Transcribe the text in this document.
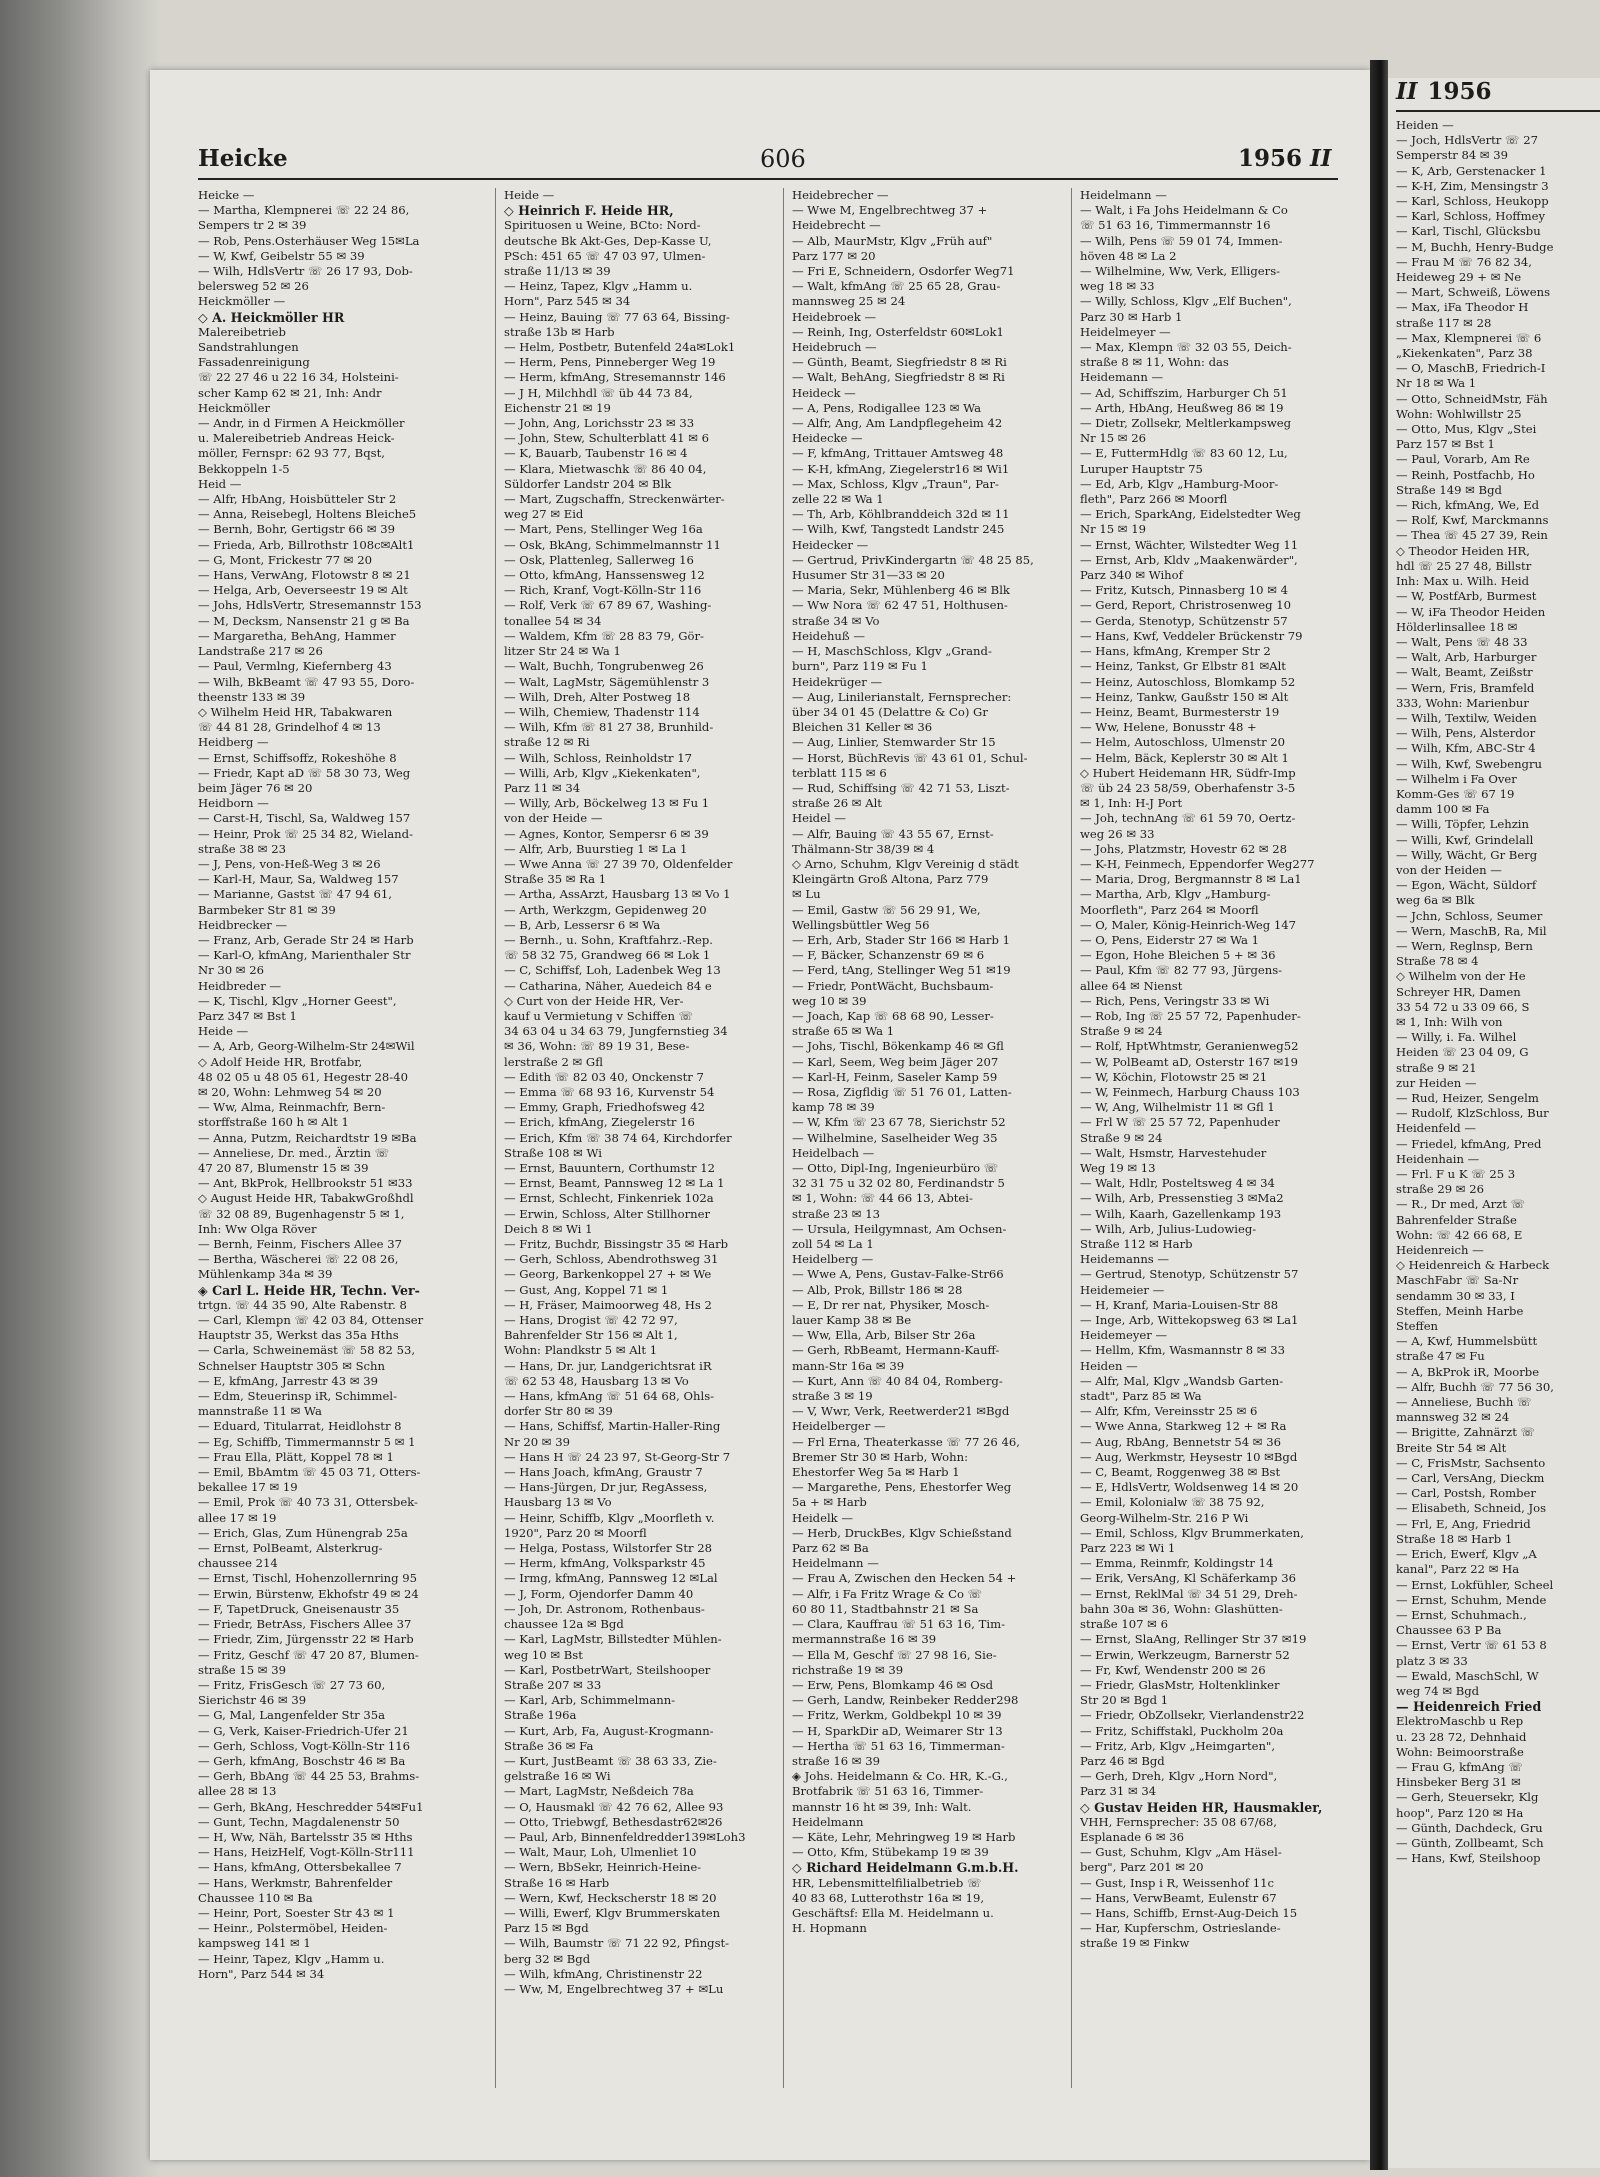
Heicke	606	1956 II
Heicke —
— Martha, Klempnerei ☏ 22 24 86,
Sempers tr 2 ✉ 39
— Rob, Pens.Osterhäuser Weg 15✉La
— W, Kwf, Geibelstr 55 ✉ 39
— Wilh, HdlsVertr ☏ 26 17 93, Dob-
belersweg 52 ✉ 26
Heickmöller —
◇ A. Heickmöller HR
Malereibetrieb
Sandstrahlungen
Fassadenreinigung
☏ 22 27 46 u 22 16 34, Holsteini-
scher Kamp 62 ✉ 21, Inh: Andr
Heickmöller
— Andr, in d Firmen A Heickmöller
u. Malereibetrieb Andreas Heick-
möller, Fernspr: 62 93 77, Bqst,
Bekkoppeln 1-5
Heid —
— Alfr, HbAng, Hoisbütteler Str 2
— Anna, Reisebegl, Holtens Bleiche5
— Bernh, Bohr, Gertigstr 66 ✉ 39
— Frieda, Arb, Billrothstr 108c✉Alt1
— G, Mont, Frickestr 77 ✉ 20
— Hans, VerwAng, Flotowstr 8 ✉ 21
— Helga, Arb, Oeverseestr 19 ✉ Alt
— Johs, HdlsVertr, Stresemannstr 153
— M, Decksm, Nansenstr 21 g ✉ Ba
— Margaretha, BehAng, Hammer
Landstraße 217 ✉ 26
— Paul, Vermlng, Kiefernberg 43
— Wilh, BkBeamt ☏ 47 93 55, Doro-
theenstr 133 ✉ 39
◇ Wilhelm Heid HR, Tabakwaren
☏ 44 81 28, Grindelhof 4 ✉ 13
Heidberg —
— Ernst, Schiffsoffz, Rokeshöhe 8
— Friedr, Kapt aD ☏ 58 30 73, Weg
beim Jäger 76 ✉ 20
Heidborn —
— Carst-H, Tischl, Sa, Waldweg 157
— Heinr, Prok ☏ 25 34 82, Wieland-
straße 38 ✉ 23
— J, Pens, von-Heß-Weg 3 ✉ 26
— Karl-H, Maur, Sa, Waldweg 157
— Marianne, Gastst ☏ 47 94 61,
Barmbeker Str 81 ✉ 39
Heidbrecker —
— Franz, Arb, Gerade Str 24 ✉ Harb
— Karl-O, kfmAng, Marienthaler Str
Nr 30 ✉ 26
Heidbreder —
— K, Tischl, Klgv „Horner Geest",
Parz 347 ✉ Bst 1
Heide —
— A, Arb, Georg-Wilhelm-Str 24✉Wil
◇ Adolf Heide HR, Brotfabr,
48 02 05 u 48 05 61, Hegestr 28-40
✉ 20, Wohn: Lehmweg 54 ✉ 20
— Ww, Alma, Reinmachfr, Bern-
storffstraße 160 h ✉ Alt 1
— Anna, Putzm, Reichardtstr 19 ✉Ba
— Anneliese, Dr. med., Ärztin ☏
47 20 87, Blumenstr 15 ✉ 39
— Ant, BkProk, Hellbrookstr 51 ✉33
◇ August Heide HR, TabakwGroßhdl
☏ 32 08 89, Bugenhagenstr 5 ✉ 1,
Inh: Ww Olga Röver
— Bernh, Feinm, Fischers Allee 37
— Bertha, Wäscherei ☏ 22 08 26,
Mühlenkamp 34a ✉ 39
◈ Carl L. Heide HR, Techn. Ver-
trtgn. ☏ 44 35 90, Alte Rabenstr. 8
— Carl, Klempn ☏ 42 03 84, Ottenser
Hauptstr 35, Werkst das 35a Hths
— Carla, Schweinemäst ☏ 58 82 53,
Schnelser Hauptstr 305 ✉ Schn
— E, kfmAng, Jarrestr 43 ✉ 39
— Edm, Steuerinsp iR, Schimmel-
mannstraße 11 ✉ Wa
— Eduard, Titularrat, Heidlohstr 8
— Eg, Schiffb, Timmermannstr 5 ✉ 1
— Frau Ella, Plätt, Koppel 78 ✉ 1
— Emil, BbAmtm ☏ 45 03 71, Otters-
bekallee 17 ✉ 19
— Emil, Prok ☏ 40 73 31, Ottersbek-
allee 17 ✉ 19
— Erich, Glas, Zum Hünengrab 25a
— Ernst, PolBeamt, Alsterkrug-
chaussee 214
— Ernst, Tischl, Hohenzollernring 95
— Erwin, Bürstenw, Ekhofstr 49 ✉ 24
— F, TapetDruck, Gneisenaustr 35
— Friedr, BetrAss, Fischers Allee 37
— Friedr, Zim, Jürgensstr 22 ✉ Harb
— Fritz, Geschf ☏ 47 20 87, Blumen-
straße 15 ✉ 39
— Fritz, FrisGesch ☏ 27 73 60,
Sierichstr 46 ✉ 39
— G, Mal, Langenfelder Str 35a
— G, Verk, Kaiser-Friedrich-Ufer 21
— Gerh, Schloss, Vogt-Kölln-Str 116
— Gerh, kfmAng, Boschstr 46 ✉ Ba
— Gerh, BbAng ☏ 44 25 53, Brahms-
allee 28 ✉ 13
— Gerh, BkAng, Heschredder 54✉Fu1
— Gunt, Techn, Magdalenenstr 50
— H, Ww, Näh, Bartelsstr 35 ✉ Hths
— Hans, HeizHelf, Vogt-Kölln-Str111
— Hans, kfmAng, Ottersbekallee 7
— Hans, Werkmstr, Bahrenfelder
Chaussee 110 ✉ Ba
— Heinr, Port, Soester Str 43 ✉ 1
— Heinr., Polstermöbel, Heiden-
kampsweg 141 ✉ 1
— Heinr, Tapez, Klgv „Hamm u.
Horn", Parz 544 ✉ 34
Heide —
◇ Heinrich F. Heide HR,
Spirituosen u Weine, BCto: Nord-
deutsche Bk Akt-Ges, Dep-Kasse U,
PSch: 451 65 ☏ 47 03 97, Ulmen-
straße 11/13 ✉ 39
— Heinz, Tapez, Klgv „Hamm u.
Horn", Parz 545 ✉ 34
— Heinz, Bauing ☏ 77 63 64, Bissing-
straße 13b ✉ Harb
— Helm, Postbetr, Butenfeld 24a✉Lok1
— Herm, Pens, Pinneberger Weg 19
— Herm, kfmAng, Stresemannstr 146
— J H, Milchhdl ☏ üb 44 73 84,
Eichenstr 21 ✉ 19
— John, Ang, Lorichsstr 23 ✉ 33
— John, Stew, Schulterblatt 41 ✉ 6
— K, Bauarb, Taubenstr 16 ✉ 4
— Klara, Mietwaschk ☏ 86 40 04,
Süldorfer Landstr 204 ✉ Blk
— Mart, Zugschaffn, Streckenwärter-
weg 27 ✉ Eid
— Mart, Pens, Stellinger Weg 16a
— Osk, BkAng, Schimmelmannstr 11
— Osk, Plattenleg, Sallerweg 16
— Otto, kfmAng, Hanssensweg 12
— Rich, Kranf, Vogt-Kölln-Str 116
— Rolf, Verk ☏ 67 89 67, Washing-
tonallee 54 ✉ 34
— Waldem, Kfm ☏ 28 83 79, Gör-
litzer Str 24 ✉ Wa 1
— Walt, Buchh, Tongrubenweg 26
— Walt, LagMstr, Sägemühlenstr 3
— Wilh, Dreh, Alter Postweg 18
— Wilh, Chemiew, Thadenstr 114
— Wilh, Kfm ☏ 81 27 38, Brunhild-
straße 12 ✉ Ri
— Wilh, Schloss, Reinholdstr 17
— Willi, Arb, Klgv „Kiekenkaten",
Parz 11 ✉ 34
— Willy, Arb, Böckelweg 13 ✉ Fu 1
von der Heide —
— Agnes, Kontor, Sempersr 6 ✉ 39
— Alfr, Arb, Buurstieg 1 ✉ La 1
— Wwe Anna ☏ 27 39 70, Oldenfelder
Straße 35 ✉ Ra 1
— Artha, AssArzt, Hausbarg 13 ✉ Vo 1
— Arth, Werkzgm, Gepidenweg 20
— B, Arb, Lessersr 6 ✉ Wa
— Bernh., u. Sohn, Kraftfahrz.-Rep.
☏ 58 32 75, Grandweg 66 ✉ Lok 1
— C, Schiffsf, Loh, Ladenbek Weg 13
— Catharina, Näher, Auedeich 84 e
◇ Curt von der Heide HR, Ver-
kauf u Vermietung v Schiffen ☏
34 63 04 u 34 63 79, Jungfernstieg 34
✉ 36, Wohn: ☏ 89 19 31, Bese-
lerstraße 2 ✉ Gfl
— Edith ☏ 82 03 40, Onckenstr 7
— Emma ☏ 68 93 16, Kurvenstr 54
— Emmy, Graph, Friedhofsweg 42
— Erich, kfmAng, Ziegelerstr 16
— Erich, Kfm ☏ 38 74 64, Kirchdorfer
Straße 108 ✉ Wi
— Ernst, Bauuntern, Corthumstr 12
— Ernst, Beamt, Pannsweg 12 ✉ La 1
— Ernst, Schlecht, Finkenriek 102a
— Erwin, Schloss, Alter Stillhorner
Deich 8 ✉ Wi 1
— Fritz, Buchdr, Bissingstr 35 ✉ Harb
— Gerh, Schloss, Abendrothsweg 31
— Georg, Barkenkoppel 27 + ✉ We
— Gust, Ang, Koppel 71 ✉ 1
— H, Fräser, Maimoorweg 48, Hs 2
— Hans, Drogist ☏ 42 72 97,
Bahrenfelder Str 156 ✉ Alt 1,
Wohn: Plandkstr 5 ✉ Alt 1
— Hans, Dr. jur, Landgerichtsrat iR
☏ 62 53 48, Hausbarg 13 ✉ Vo
— Hans, kfmAng ☏ 51 64 68, Ohls-
dorfer Str 80 ✉ 39
— Hans, Schiffsf, Martin-Haller-Ring
Nr 20 ✉ 39
— Hans H ☏ 24 23 97, St-Georg-Str 7
— Hans Joach, kfmAng, Graustr 7
— Hans-Jürgen, Dr jur, RegAssess,
Hausbarg 13 ✉ Vo
— Heinr, Schiffb, Klgv „Moorfleth v.
1920", Parz 20 ✉ Moorfl
— Helga, Postass, Wilstorfer Str 28
— Herm, kfmAng, Volksparkstr 45
— Irmg, kfmAng, Pannsweg 12 ✉Lal
— J, Form, Ojendorfer Damm 40
— Joh, Dr. Astronom, Rothenbaus-
chaussee 12a ✉ Bgd
— Karl, LagMstr, Billstedter Mühlen-
weg 10 ✉ Bst
— Karl, PostbetrWart, Steilshooper
Straße 207 ✉ 33
— Karl, Arb, Schimmelmann-
Straße 196a
— Kurt, Arb, Fa, August-Krogmann-
Straße 36 ✉ Fa
— Kurt, JustBeamt ☏ 38 63 33, Zie-
gelstraße 16 ✉ Wi
— Mart, LagMstr, Neßdeich 78a
— O, Hausmakl ☏ 42 76 62, Allee 93
— Otto, Triebwgf, Bethesdastr62✉26
— Paul, Arb, Binnenfeldredder139✉Loh3
— Walt, Maur, Loh, Ulmenliet 10
— Wern, BbSekr, Heinrich-Heine-
Straße 16 ✉ Harb
— Wern, Kwf, Heckscherstr 18 ✉ 20
— Willi, Ewerf, Klgv Brummerskaten
Parz 15 ✉ Bgd
— Wilh, Baumstr ☏ 71 22 92, Pfingst-
berg 32 ✉ Bgd
— Wilh, kfmAng, Christinenstr 22
— Ww, M, Engelbrechtweg 37 + ✉Lu
Heidebrecher —
— Wwe M, Engelbrechtweg 37 +
Heidebrecht —
— Alb, MaurMstr, Klgv „Früh auf"
Parz 177 ✉ 20
— Fri E, Schneidern, Osdorfer Weg71
— Walt, kfmAng ☏ 25 65 28, Grau-
mannsweg 25 ✉ 24
Heidebroek —
— Reinh, Ing, Osterfeldstr 60✉Lok1
Heidebruch —
— Günth, Beamt, Siegfriedstr 8 ✉ Ri
— Walt, BehAng, Siegfriedstr 8 ✉ Ri
Heideck —
— A, Pens, Rodigallee 123 ✉ Wa
— Alfr, Ang, Am Landpflegeheim 42
Heidecke —
— F, kfmAng, Trittauer Amtsweg 48
— K-H, kfmAng, Ziegelerstr16 ✉ Wi1
— Max, Schloss, Klgv „Traun", Par-
zelle 22 ✉ Wa 1
— Th, Arb, Köhlbranddeich 32d ✉ 11
— Wilh, Kwf, Tangstedt Landstr 245
Heidecker —
— Gertrud, PrivKindergartn ☏ 48 25 85,
Husumer Str 31—33 ✉ 20
— Maria, Sekr, Mühlenberg 46 ✉ Blk
— Ww Nora ☏ 62 47 51, Holthusen-
straße 34 ✉ Vo
Heidehuß —
— H, MaschSchloss, Klgv „Grand-
burn", Parz 119 ✉ Fu 1
Heidekrüger —
— Aug, Linilerianstalt, Fernsprecher:
über 34 01 45 (Delattre & Co) Gr
Bleichen 31 Keller ✉ 36
— Aug, Linlier, Stemwarder Str 15
— Horst, BüchRevis ☏ 43 61 01, Schul-
terblatt 115 ✉ 6
— Rud, Schiffsing ☏ 42 71 53, Liszt-
straße 26 ✉ Alt
Heidel —
— Alfr, Bauing ☏ 43 55 67, Ernst-
Thälmann-Str 38/39 ✉ 4
◇ Arno, Schuhm, Klgv Vereinig d städt
Kleingärtn Groß Altona, Parz 779
✉ Lu
— Emil, Gastw ☏ 56 29 91, We,
Wellingsbüttler Weg 56
— Erh, Arb, Stader Str 166 ✉ Harb 1
— F, Bäcker, Schanzenstr 69 ✉ 6
— Ferd, tAng, Stellinger Weg 51 ✉19
— Friedr, PontWächt, Buchsbaum-
weg 10 ✉ 39
— Joach, Kap ☏ 68 68 90, Lesser-
straße 65 ✉ Wa 1
— Johs, Tischl, Bökenkamp 46 ✉ Gfl
— Karl, Seem, Weg beim Jäger 207
— Karl-H, Feinm, Saseler Kamp 59
— Rosa, Zigfldig ☏ 51 76 01, Latten-
kamp 78 ✉ 39
— W, Kfm ☏ 23 67 78, Sierichstr 52
— Wilhelmine, Saselheider Weg 35
Heidelbach —
— Otto, Dipl-Ing, Ingenieurbüro ☏
32 31 75 u 32 02 80, Ferdinandstr 5
✉ 1, Wohn: ☏ 44 66 13, Abtei-
straße 23 ✉ 13
— Ursula, Heilgymnast, Am Ochsen-
zoll 54 ✉ La 1
Heidelberg —
— Wwe A, Pens, Gustav-Falke-Str66
— Alb, Prok, Billstr 186 ✉ 28
— E, Dr rer nat, Physiker, Mosch-
lauer Kamp 38 ✉ Be
— Ww, Ella, Arb, Bilser Str 26a
— Gerh, RbBeamt, Hermann-Kauff-
mann-Str 16a ✉ 39
— Kurt, Ann ☏ 40 84 04, Romberg-
straße 3 ✉ 19
— V, Wwr, Verk, Reetwerder21 ✉Bgd
Heidelberger —
— Frl Erna, Theaterkasse ☏ 77 26 46,
Bremer Str 30 ✉ Harb, Wohn:
Ehestorfer Weg 5a ✉ Harb 1
— Margarethe, Pens, Ehestorfer Weg
5a + ✉ Harb
Heidelk —
— Herb, DruckBes, Klgv Schießstand
Parz 62 ✉ Ba
Heidelmann —
— Frau A, Zwischen den Hecken 54 +
— Alfr, i Fa Fritz Wrage & Co ☏
60 80 11, Stadtbahnstr 21 ✉ Sa
— Clara, Kauffrau ☏ 51 63 16, Tim-
mermannstraße 16 ✉ 39
— Ella M, Geschf ☏ 27 98 16, Sie-
richstraße 19 ✉ 39
— Erw, Pens, Blomkamp 46 ✉ Osd
— Gerh, Landw, Reinbeker Redder298
— Fritz, Werkm, Goldbekpl 10 ✉ 39
— H, SparkDir aD, Weimarer Str 13
— Hertha ☏ 51 63 16, Timmerman-
straße 16 ✉ 39
◈ Johs. Heidelmann & Co. HR, K.-G.,
Brotfabrik ☏ 51 63 16, Timmer-
mannstr 16 ht ✉ 39, Inh: Walt.
Heidelmann
— Käte, Lehr, Mehringweg 19 ✉ Harb
— Otto, Kfm, Stübekamp 19 ✉ 39
◇ Richard Heidelmann G.m.b.H.
HR, Lebensmittelfilialbetrieb ☏
40 83 68, Lutterothstr 16a ✉ 19,
Geschäftsf: Ella M. Heidelmann u.
H. Hopmann
Heidelmann —
— Walt, i Fa Johs Heidelmann & Co
☏ 51 63 16, Timmermannstr 16
— Wilh, Pens ☏ 59 01 74, Immen-
höven 48 ✉ La 2
— Wilhelmine, Ww, Verk, Elligers-
weg 18 ✉ 33
— Willy, Schloss, Klgv „Elf Buchen",
Parz 30 ✉ Harb 1
Heidelmeyer —
— Max, Klempn ☏ 32 03 55, Deich-
straße 8 ✉ 11, Wohn: das
Heidemann —
— Ad, Schiffszim, Harburger Ch 51
— Arth, HbAng, Heußweg 86 ✉ 19
— Dietr, Zollsekr, Meltlerkampsweg
Nr 15 ✉ 26
— E, FuttermHdlg ☏ 83 60 12, Lu,
Luruper Hauptstr 75
— Ed, Arb, Klgv „Hamburg-Moor-
fleth", Parz 266 ✉ Moorfl
— Erich, SparkAng, Eidelstedter Weg
Nr 15 ✉ 19
— Ernst, Wächter, Wilstedter Weg 11
— Ernst, Arb, Kldv „Maakenwärder",
Parz 340 ✉ Wihof
— Fritz, Kutsch, Pinnasberg 10 ✉ 4
— Gerd, Report, Christrosenweg 10
— Gerda, Stenotyp, Schützenstr 57
— Hans, Kwf, Veddeler Brückenstr 79
— Hans, kfmAng, Kremper Str 2
— Heinz, Tankst, Gr Elbstr 81 ✉Alt
— Heinz, Autoschloss, Blomkamp 52
— Heinz, Tankw, Gaußstr 150 ✉ Alt
— Heinz, Beamt, Burmesterstr 19
— Ww, Helene, Bonusstr 48 +
— Helm, Autoschloss, Ulmenstr 20
— Helm, Bäck, Keplerstr 30 ✉ Alt 1
◇ Hubert Heidemann HR, Südfr-Imp
☏ üb 24 23 58/59, Oberhafenstr 3-5
✉ 1, Inh: H-J Port
— Joh, technAng ☏ 61 59 70, Oertz-
weg 26 ✉ 33
— Johs, Platzmstr, Hovestr 62 ✉ 28
— K-H, Feinmech, Eppendorfer Weg277
— Maria, Drog, Bergmannstr 8 ✉ La1
— Martha, Arb, Klgv „Hamburg-
Moorfleth", Parz 264 ✉ Moorfl
— O, Maler, König-Heinrich-Weg 147
— O, Pens, Eiderstr 27 ✉ Wa 1
— Egon, Hohe Bleichen 5 + ✉ 36
— Paul, Kfm ☏ 82 77 93, Jürgens-
allee 64 ✉ Nienst
— Rich, Pens, Veringstr 33 ✉ Wi
— Rob, Ing ☏ 25 57 72, Papenhuder-
Straße 9 ✉ 24
— Rolf, HptWhtmstr, Geranienweg52
— W, PolBeamt aD, Osterstr 167 ✉19
— W, Köchin, Flotowstr 25 ✉ 21
— W, Feinmech, Harburg Chauss 103
— W, Ang, Wilhelmistr 11 ✉ Gfl 1
— Frl W ☏ 25 57 72, Papenhuder
Straße 9 ✉ 24
— Walt, Hsmstr, Harvestehuder
Weg 19 ✉ 13
— Walt, Hdlr, Posteltsweg 4 ✉ 34
— Wilh, Arb, Pressenstieg 3 ✉Ma2
— Wilh, Kaarh, Gazellenkamp 193
— Wilh, Arb, Julius-Ludowieg-
Straße 112 ✉ Harb
Heidemanns —
— Gertrud, Stenotyp, Schützenstr 57
Heidemeier —
— H, Kranf, Maria-Louisen-Str 88
— Inge, Arb, Wittekopsweg 63 ✉ La1
Heidemeyer —
— Hellm, Kfm, Wasmannstr 8 ✉ 33
Heiden —
— Alfr, Mal, Klgv „Wandsb Garten-
stadt", Parz 85 ✉ Wa
— Alfr, Kfm, Vereinsstr 25 ✉ 6
— Wwe Anna, Starkweg 12 + ✉ Ra
— Aug, RbAng, Bennetstr 54 ✉ 36
— Aug, Werkmstr, Heysestr 10 ✉Bgd
— C, Beamt, Roggenweg 38 ✉ Bst
— E, HdlsVertr, Woldsenweg 14 ✉ 20
— Emil, Kolonialw ☏ 38 75 92,
Georg-Wilhelm-Str. 216 P Wi
— Emil, Schloss, Klgv Brummerkaten,
Parz 223 ✉ Wi 1
— Emma, Reinmfr, Koldingstr 14
— Erik, VersAng, Kl Schäferkamp 36
— Ernst, ReklMal ☏ 34 51 29, Dreh-
bahn 30a ✉ 36, Wohn: Glashütten-
straße 107 ✉ 6
— Ernst, SlaAng, Rellinger Str 37 ✉19
— Erwin, Werkzeugm, Barnerstr 52
— Fr, Kwf, Wendenstr 200 ✉ 26
— Friedr, GlasMstr, Holtenklinker
Str 20 ✉ Bgd 1
— Friedr, ObZollsekr, Vierlandenstr22
— Fritz, Schiffstakl, Puckholm 20a
— Fritz, Arb, Klgv „Heimgarten",
Parz 46 ✉ Bgd
— Gerh, Dreh, Klgv „Horn Nord",
Parz 31 ✉ 34
◇ Gustav Heiden HR, Hausmakler,
VHH, Fernsprecher: 35 08 67/68,
Esplanade 6 ✉ 36
— Gust, Schuhm, Klgv „Am Häsel-
berg", Parz 201 ✉ 20
— Gust, Insp i R, Weissenhof 11c
— Hans, VerwBeamt, Eulenstr 67
— Hans, Schiffb, Ernst-Aug-Deich 15
— Har, Kupferschm, Ostrieslande-
straße 19 ✉ Finkw
II 1956
Heiden —
— Joch, HdlsVertr ☏ 27
Semperstr 84 ✉ 39
— K, Arb, Gerstenacker 1
— K-H, Zim, Mensingstr 3
— Karl, Schloss, Heukopp
— Karl, Schloss, Hoffmey
— Karl, Tischl, Glücksbu
— M, Buchh, Henry-Budge
— Frau M ☏ 76 82 34,
Heideweg 29 + ✉ Ne
— Mart, Schweiß, Löwens
— Max, iFa Theodor H
straße 117 ✉ 28
— Max, Klempnerei ☏ 6
„Kiekenkaten", Parz 38
— O, MaschB, Friedrich-I
Nr 18 ✉ Wa 1
— Otto, SchneidMstr, Fäh
Wohn: Wohlwillstr 25
— Otto, Mus, Klgv „Stei
Parz 157 ✉ Bst 1
— Paul, Vorarb, Am Re
— Reinh, Postfachb, Ho
Straße 149 ✉ Bgd
— Rich, kfmAng, We, Ed
— Rolf, Kwf, Marckmanns
— Thea ☏ 45 27 39, Rein
◇ Theodor Heiden HR,
hdl ☏ 25 27 48, Billstr
Inh: Max u. Wilh. Heid
— W, PostfArb, Burmest
— W, iFa Theodor Heiden
Hölderlinsallee 18 ✉
— Walt, Pens ☏ 48 33
— Walt, Arb, Harburger
— Walt, Beamt, Zeißstr
— Wern, Fris, Bramfeld
333, Wohn: Marienbur
— Wilh, Textilw, Weiden
— Wilh, Pens, Alsterdor
— Wilh, Kfm, ABC-Str 4
— Wilh, Kwf, Swebengru
— Wilhelm i Fa Over
Komm-Ges ☏ 67 19
damm 100 ✉ Fa
— Willi, Töpfer, Lehzin
— Willi, Kwf, Grindelall
— Willy, Wächt, Gr Berg
von der Heiden —
— Egon, Wächt, Süldorf
weg 6a ✉ Blk
— Jchn, Schloss, Seumer
— Wern, MaschB, Ra, Mil
— Wern, Reglnsp, Bern
Straße 78 ✉ 4
◇ Wilhelm von der He
Schreyer HR, Damen
33 54 72 u 33 09 66, S
✉ 1, Inh: Wilh von
— Willy, i. Fa. Wilhel
Heiden ☏ 23 04 09, G
straße 9 ✉ 21
zur Heiden —
— Rud, Heizer, Sengelm
— Rudolf, KlzSchloss, Bur
Heidenfeld —
— Friedel, kfmAng, Pred
Heidenhain —
— Frl. F u K ☏ 25 3
straße 29 ✉ 26
— R., Dr med, Arzt ☏
Bahrenfelder Straße
Wohn: ☏ 42 66 68, E
Heidenreich —
◇ Heidenreich & Harbeck
MaschFabr ☏ Sa-Nr
sendamm 30 ✉ 33, I
Steffen, Meinh Harbe
Steffen
— A, Kwf, Hummelsbütt
straße 47 ✉ Fu
— A, BkProk iR, Moorbe
— Alfr, Buchh ☏ 77 56 30,
— Anneliese, Buchh ☏
mannsweg 32 ✉ 24
— Brigitte, Zahnärzt ☏
Breite Str 54 ✉ Alt
— C, FrisMstr, Sachsento
— Carl, VersAng, Dieckm
— Carl, Postsh, Romber
— Elisabeth, Schneid, Jos
— Frl, E, Ang, Friedrid
Straße 18 ✉ Harb 1
— Erich, Ewerf, Klgv „A
kanal", Parz 22 ✉ Ha
— Ernst, Lokfühler, Scheel
— Ernst, Schuhm, Mende
— Ernst, Schuhmach.,
Chaussee 63 P Ba
— Ernst, Vertr ☏ 61 53 8
platz 3 ✉ 33
— Ewald, MaschSchl, W
weg 74 ✉ Bgd
— Heidenreich Fried
ElektroMaschb u Rep
u. 23 28 72, Dehnhaid
Wohn: Beimoorstraße
— Frau G, kfmAng ☏
Hinsbeker Berg 31 ✉
— Gerh, Steuersekr, Klg
hoop", Parz 120 ✉ Ha
— Günth, Dachdeck, Gru
— Günth, Zollbeamt, Sch
— Hans, Kwf, Steilshoop
